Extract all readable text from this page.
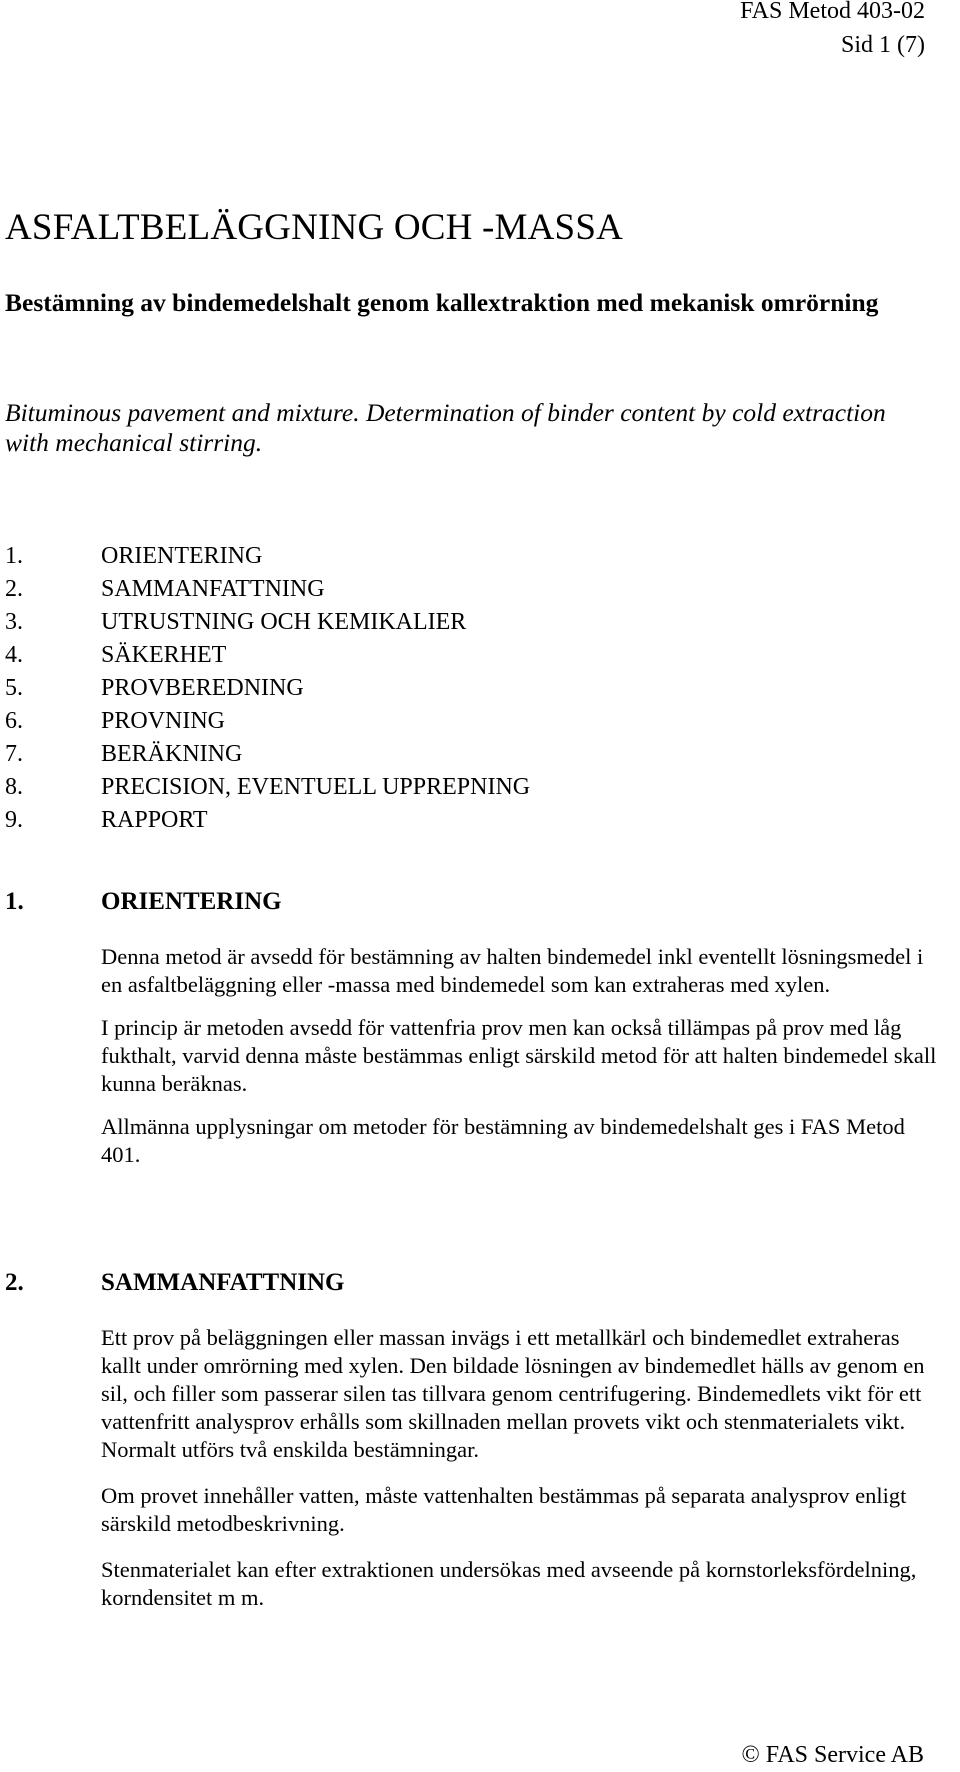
FAS Metod 403-02
Sid 1 (7)
ASFALTBELÄGGNING OCH -MASSA
Bestämning av bindemedelshalt genom kallextraktion med mekanisk omrörning

Bituminous pavement and mixture. Determination of binder content by cold extraction with mechanical stirring.

1.	ORIENTERING
2.	SAMMANFATTNING
3.	UTRUSTNING OCH KEMIKALIER
4.	SÄKERHET
5.	PROVBEREDNING
6.	PROVNING
7.	BERÄKNING
8.	PRECISION, EVENTUELL UPPREPNING
9.	RAPPORT
1.	ORIENTERING

Denna metod är avsedd för bestämning av halten bindemedel inkl eventellt lösningsmedel i en asfaltbeläggning eller -massa med bindemedel som kan extraheras med xylen.

I princip är metoden avsedd för vattenfria prov men kan också tillämpas på prov med låg fukthalt, varvid denna måste bestämmas enligt särskild metod för att halten bindemedel skall kunna beräknas.

Allmänna upplysningar om metoder för bestämning av bindemedelshalt ges i FAS Metod 401.

2.	SAMMANFATTNING

Ett prov på beläggningen eller massan invägs i ett metallkärl och bindemedlet extraheras kallt under omrörning med xylen. Den bildade lösningen av bindemedlet hälls av genom en sil, och filler som passerar silen tas tillvara genom centrifugering. Bindemedlets vikt för ett vattenfritt analysprov erhålls som skillnaden mellan provets vikt och stenmaterialets vikt. Normalt utförs två enskilda bestämningar.

Om provet innehåller vatten, måste vattenhalten bestämmas på separata analysprov enligt särskild metodbeskrivning.

Stenmaterialet kan efter extraktionen undersökas med avseende på kornstorleksfördelning, korndensitet m m.

© FAS Service AB
